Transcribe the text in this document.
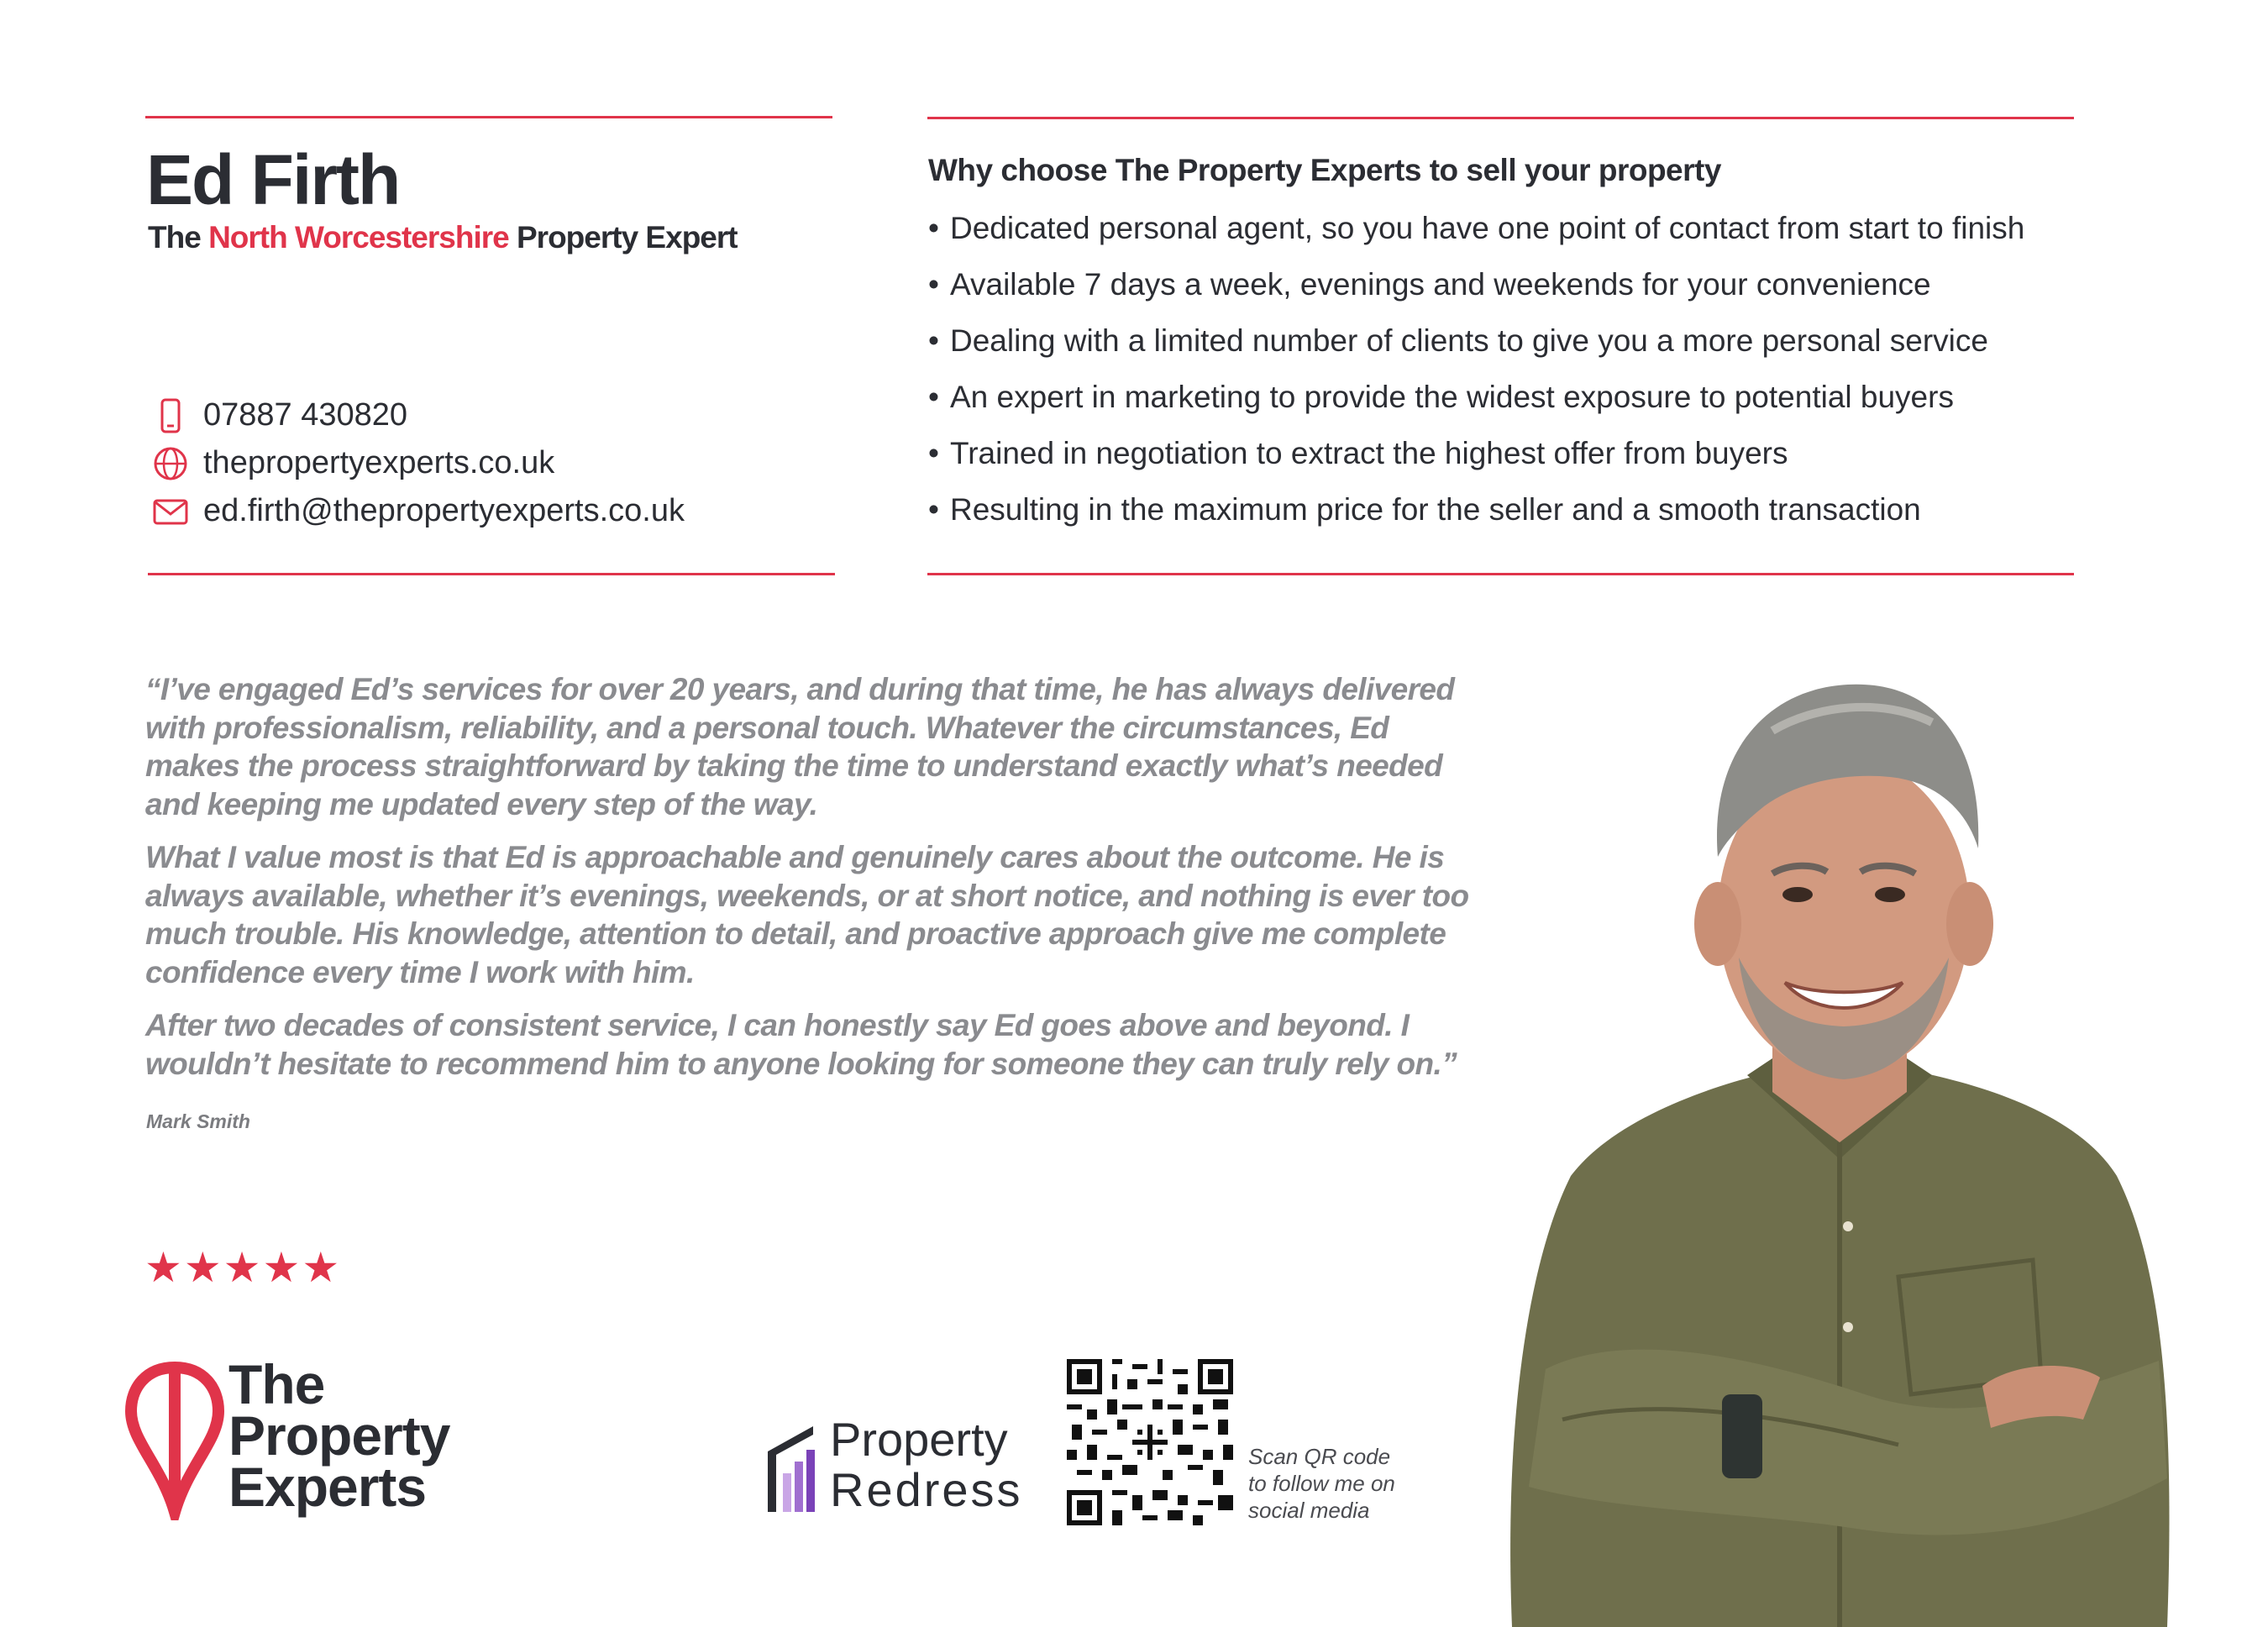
Ed Firth
The North Worcestershire Property Expert
07887 430820
thepropertyexperts.co.uk
ed.firth@thepropertyexperts.co.uk
Why choose The Property Experts to sell your property
• Dedicated personal agent, so you have one point of contact from start to finish
• Available 7 days a week, evenings and weekends for your convenience
• Dealing with a limited number of clients to give you a more personal service
• An expert in marketing to provide the widest exposure to potential buyers
• Trained in negotiation to extract the highest offer from buyers
• Resulting in the maximum price for the seller and a smooth transaction

“I’ve engaged Ed’s services for over 20 years, and during that time, he has always delivered with professionalism, reliability, and a personal touch. Whatever the circumstances, Ed makes the process straightforward by taking the time to understand exactly what’s needed and keeping me updated every step of the way.

What I value most is that Ed is approachable and genuinely cares about the outcome. He is always available, whether it’s evenings, weekends, or at short notice, and nothing is ever too much trouble. His knowledge, attention to detail, and proactive approach give me complete confidence every time I work with him.

After two decades of consistent service, I can honestly say Ed goes above and beyond. I wouldn’t hesitate to recommend him to anyone looking for someone they can truly rely on.”

Mark Smith
★ ★ ★ ★ ★
The
Property
Experts
Property
Redress
Scan QR code
to follow me on
social media
